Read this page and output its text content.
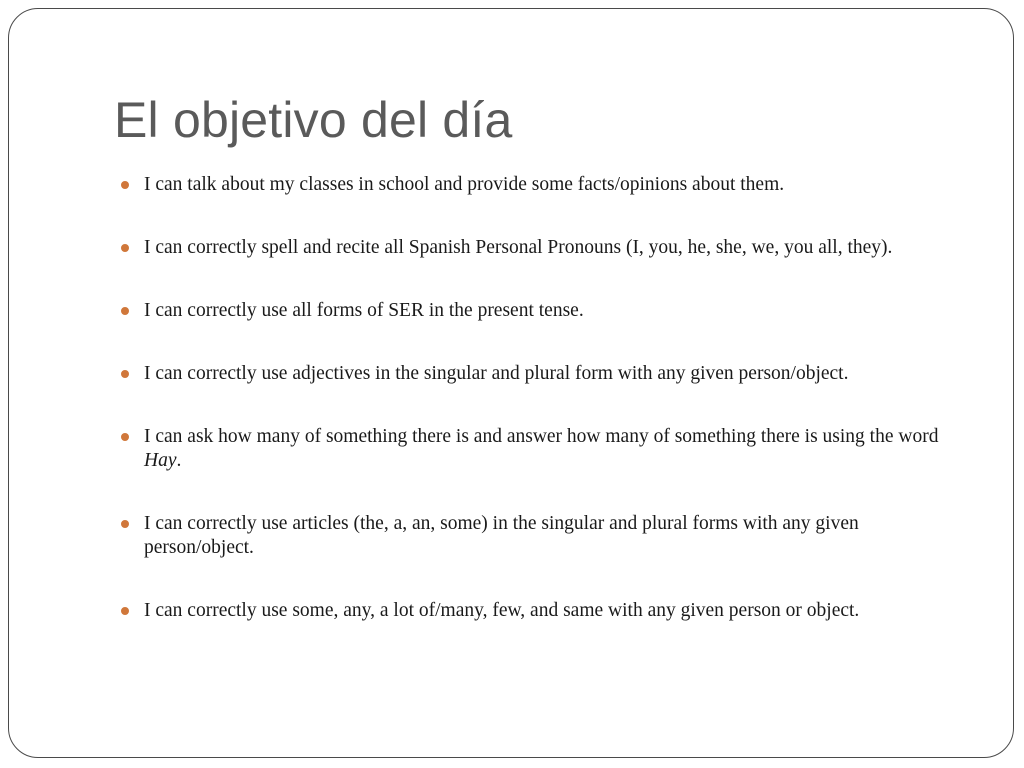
El objetivo del día
I can talk about my classes in school and provide some facts/opinions about them.
I can correctly spell and recite all Spanish Personal Pronouns (I, you, he, she, we, you all, they).
I can correctly use all forms of SER in the present tense.
I can correctly use adjectives in the singular and plural form with any given person/object.
I can ask how many of something there is and answer how many of something there is using the word Hay.
I can correctly use articles (the, a, an, some) in the singular and plural forms with any given person/object.
I can correctly use some, any, a lot of/many, few, and same with any given person or object.
